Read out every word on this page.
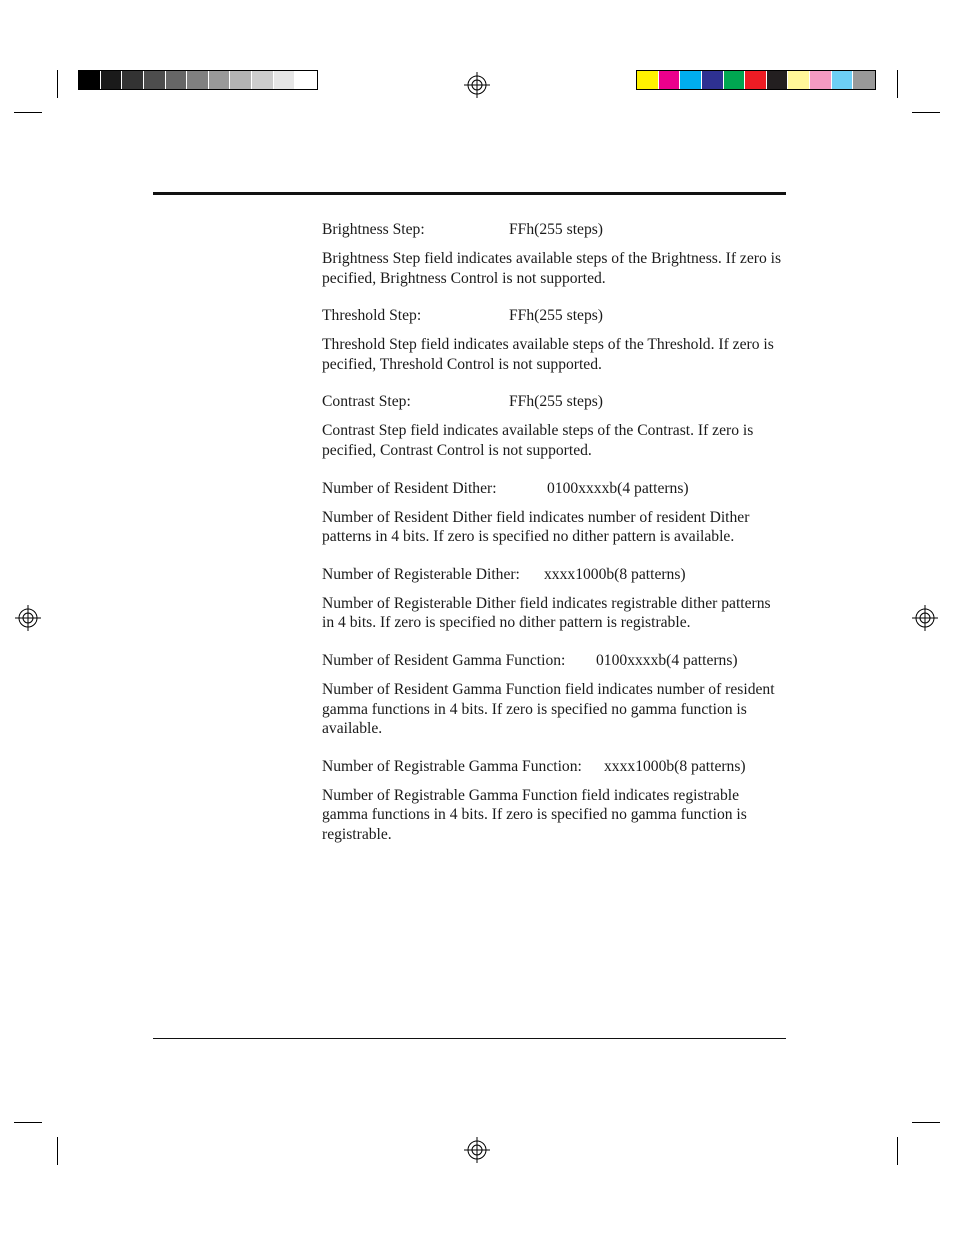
Brightness Step:	FFh(255 steps)

Brightness Step field indicates available steps of the Brightness. If zero is pecified, Brightness Control is not supported.

Threshold Step:	FFh(255 steps)

Threshold Step field indicates available steps of the Threshold. If zero is pecified, Threshold Control is not supported.

Contrast Step:	FFh(255 steps)

Contrast Step field indicates available steps of the Contrast. If zero is pecified, Contrast Control is not supported.

Number of Resident Dither:	0100xxxxb(4 patterns)

Number of Resident Dither field indicates number of resident Dither patterns in 4 bits. If zero is specified no dither pattern is available.

Number of Registerable Dither: xxxx1000b(8 patterns)

Number of Registerable Dither field indicates registrable dither patterns in 4 bits. If zero is specified no dither pattern is registrable.

Number of Resident Gamma Function: 0100xxxxb(4 patterns)

Number of Resident Gamma Function field indicates number of resident gamma functions in 4 bits. If zero is specified no gamma function is available.

Number of Registrable Gamma Function: xxxx1000b(8 patterns)

Number of Registrable Gamma Function field indicates registrable gamma functions in 4 bits. If zero is specified no gamma function is registrable.
